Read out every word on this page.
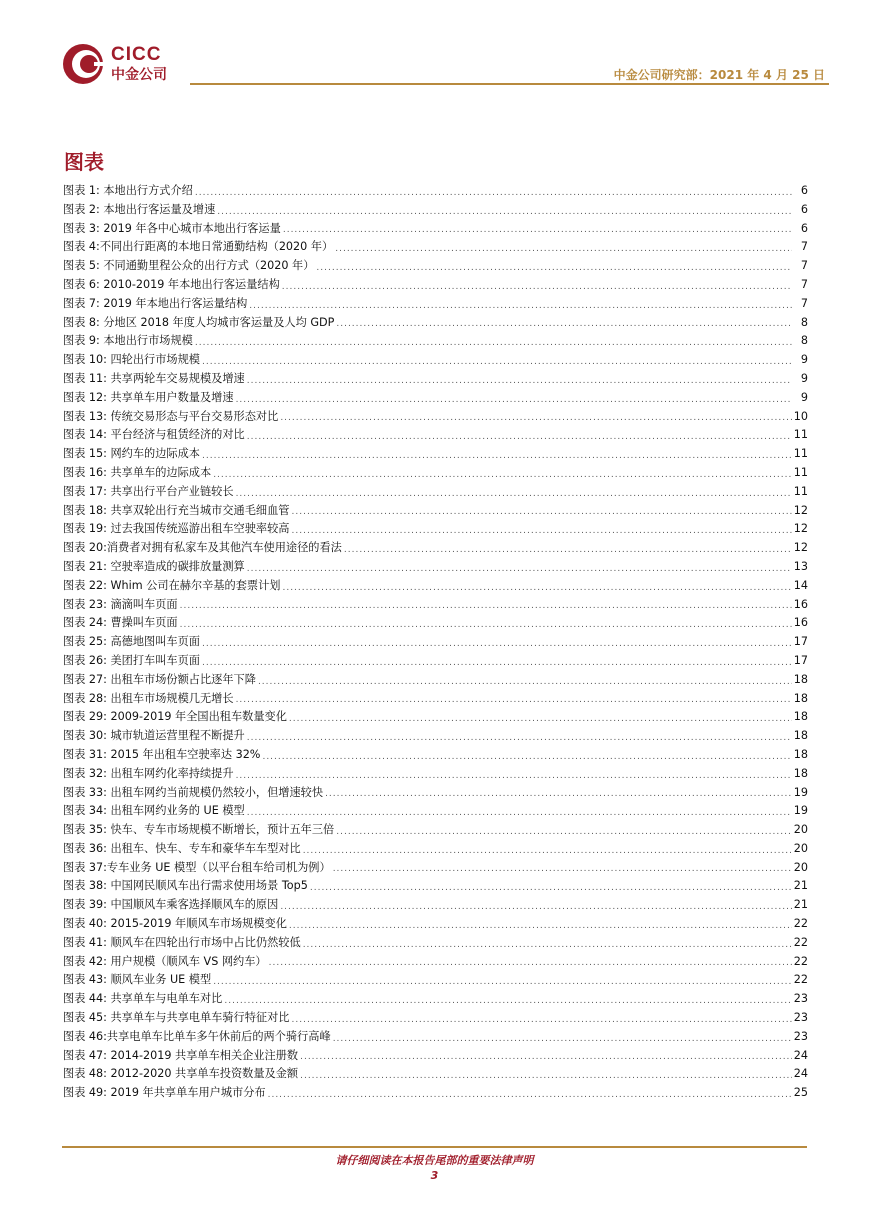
CICC
中金公司	中金公司研究部：2021 年 4 月 25 日
图表
图表 1: 本地出行方式介绍 .....	6
图表 2: 本地出行客运量及增速 .....	6
图表 3: 2019 年各中心城市本地出行客运量 .....	6
图表 4:不同出行距离的本地日常通勤结构（2020 年） .....	7
图表 5: 不同通勤里程公众的出行方式（2020 年） .....	7
图表 6: 2010-2019 年本地出行客运量结构 .....	7
图表 7: 2019 年本地出行客运量结构 .....	7
图表 8: 分地区 2018 年度人均城市客运量及人均 GDP .....	8
图表 9: 本地出行市场规模 .....	8
图表 10: 四轮出行市场规模 .....	9
图表 11: 共享两轮车交易规模及增速 .....	9
图表 12: 共享单车用户数量及增速 .....	9
图表 13: 传统交易形态与平台交易形态对比 .....	10
图表 14: 平台经济与租赁经济的对比 .....	11
图表 15: 网约车的边际成本 .....	11
图表 16: 共享单车的边际成本 .....	11
图表 17: 共享出行平台产业链较长 .....	11
图表 18: 共享双轮出行充当城市交通毛细血管 .....	12
图表 19: 过去我国传统巡游出租车空驶率较高 .....	12
图表 20:消费者对拥有私家车及其他汽车使用途径的看法 .....	12
图表 21: 空驶率造成的碳排放量测算 .....	13
图表 22: Whim 公司在赫尔辛基的套票计划 .....	14
图表 23: 滴滴叫车页面 .....	16
图表 24: 曹操叫车页面 .....	16
图表 25: 高德地图叫车页面 .....	17
图表 26: 美团打车叫车页面 .....	17
图表 27: 出租车市场份额占比逐年下降 .....	18
图表 28: 出租车市场规模几无增长 .....	18
图表 29: 2009-2019 年全国出租车数量变化 .....	18
图表 30: 城市轨道运营里程不断提升 .....	18
图表 31: 2015 年出租车空驶率达 32% .....	18
图表 32: 出租车网约化率持续提升 .....	18
图表 33: 出租车网约当前规模仍然较小，但增速较快 .....	19
图表 34: 出租车网约业务的 UE 模型 .....	19
图表 35: 快车、专车市场规模不断增长，预计五年三倍 .....	20
图表 36: 出租车、快车、专车和豪华车车型对比 .....	20
图表 37:专车业务 UE 模型（以平台租车给司机为例） .....	20
图表 38: 中国网民顺风车出行需求使用场景 Top5 .....	21
图表 39: 中国顺风车乘客选择顺风车的原因 .....	21
图表 40: 2015-2019 年顺风车市场规模变化 .....	22
图表 41: 顺风车在四轮出行市场中占比仍然较低 .....	22
图表 42: 用户规模（顺风车 VS 网约车） .....	22
图表 43: 顺风车业务 UE 模型 .....	22
图表 44: 共享单车与电单车对比 .....	23
图表 45: 共享单车与共享电单车骑行特征对比 .....	23
图表 46:共享电单车比单车多午休前后的两个骑行高峰 .....	23
图表 47: 2014-2019 共享单车相关企业注册数 .....	24
图表 48: 2012-2020 共享单车投资数量及金额 .....	24
图表 49: 2019 年共享单车用户城市分布 .....	25
请仔细阅读在本报告尾部的重要法律声明
3
